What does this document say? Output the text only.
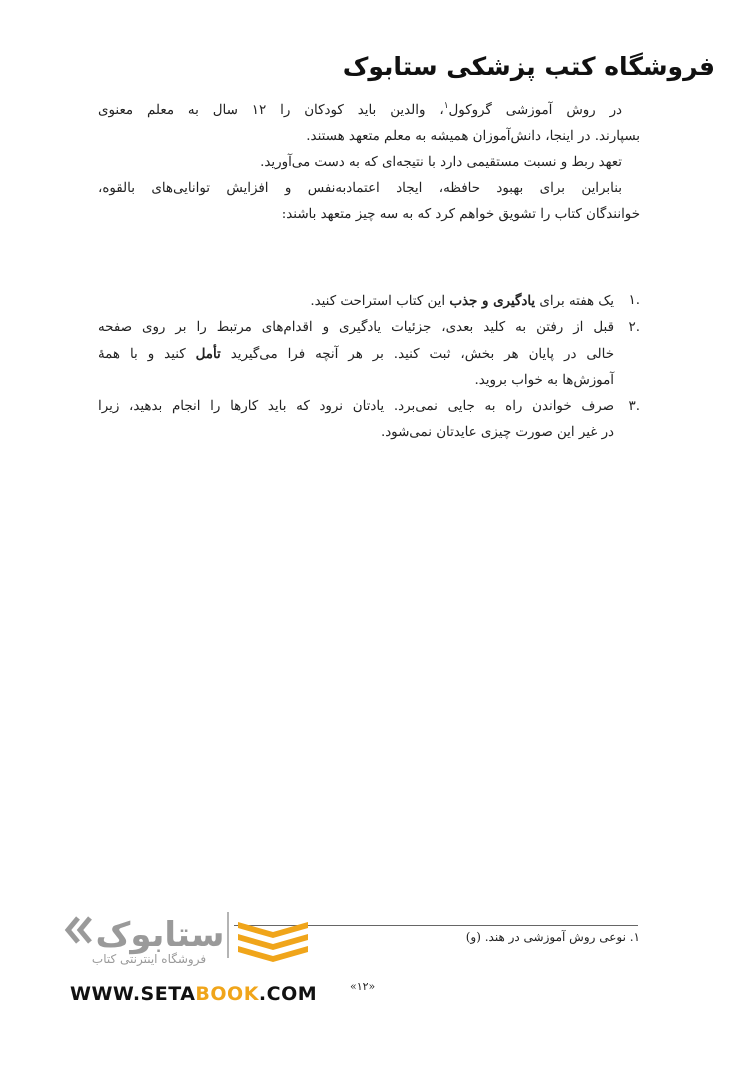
فروشگاه کتب پزشکی ستابوک
در روش آموزشی گروکول$^۱$، والدین باید کودکان را ۱۲ سال به معلم معنوی
بسپارند. در اینجا، دانش‌آموزان همیشه به معلم متعهد هستند.
تعهد ربط و نسبت مستقیمی دارد با نتیجه‌ای که به دست می‌آورید.
بنابراین برای بهبود حافظه، ایجاد اعتمادبه‌نفس و افزایش توانایی‌های بالقوه،
خوانندگان کتاب را تشویق خواهم کرد که به سه چیز متعهد باشند:
.۱
یک هفته برای یادگیری و جذب این کتاب استراحت کنید.
.۲
قبل از رفتن به کلید بعدی، جزئیات یادگیری و اقدام‌های مرتبط را بر روی صفحه
خالی در پایان هر بخش، ثبت کنید. بر هر آنچه فرا می‌گیرید تأمل کنید و با همهٔ
آموزش‌ها به خواب بروید.
.۳
صرف خواندن راه به جایی نمی‌برد. یادتان نرود که باید کارها را انجام بدهید، زیرا
در غیر این صورت چیزی عایدتان نمی‌شود.
۱. نوعی روش آموزشی در هند. (و)
ستابوک
فروشگاه اینترنتی کتاب
WWW.SETABOOK.COM	«۱۲»
